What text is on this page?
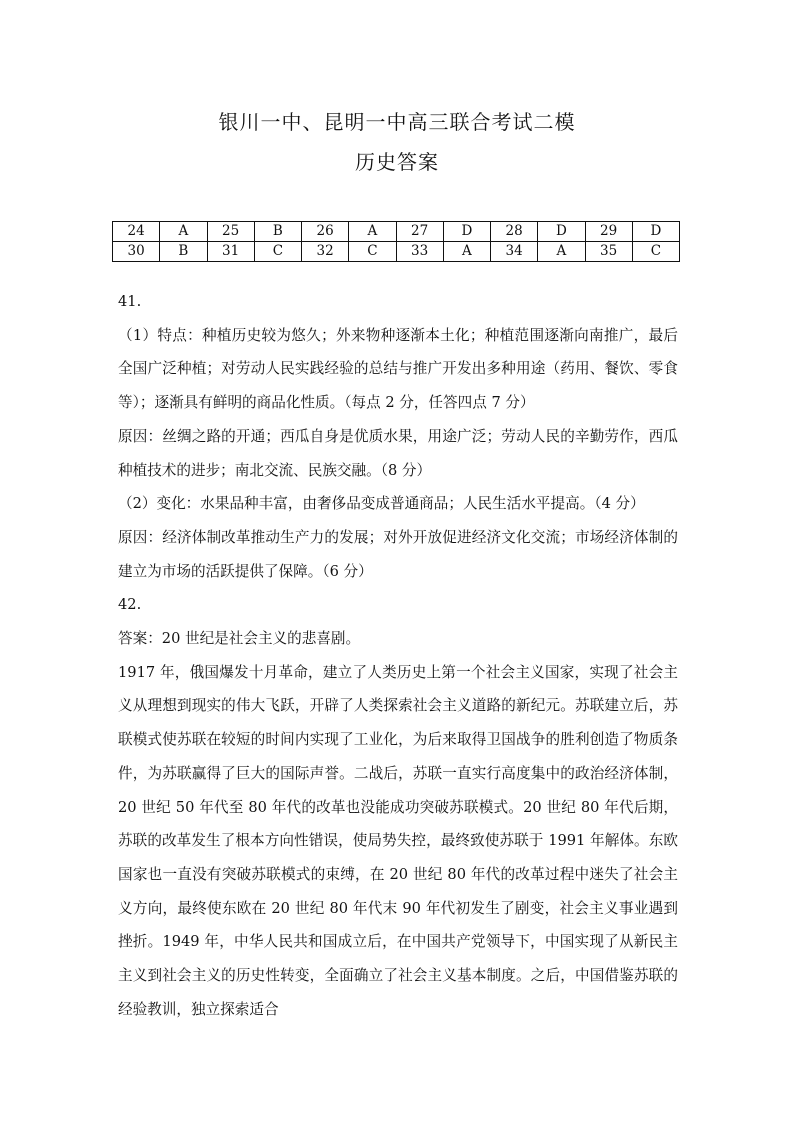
银川一中、昆明一中高三联合考试二模
历史答案
24	A	25	B	26	A	27	D	28	D	29	D
30	B	31	C	32	C	33	A	34	A	35	C

41.

（1）特点：种植历史较为悠久；外来物种逐渐本土化；种植范围逐渐向南推广，最后全国广泛种植；对劳动人民实践经验的总结与推广开发出多种用途（药用、餐饮、零食等）；逐渐具有鲜明的商品化性质。（每点 2 分，任答四点 7 分）

原因：丝绸之路的开通；西瓜自身是优质水果，用途广泛；劳动人民的辛勤劳作，西瓜种植技术的进步；南北交流、民族交融。（8 分）

（2）变化：水果品种丰富，由奢侈品变成普通商品；人民生活水平提高。（4 分）

原因：经济体制改革推动生产力的发展；对外开放促进经济文化交流；市场经济体制的建立为市场的活跃提供了保障。（6 分）

42.

答案：20 世纪是社会主义的悲喜剧。

1917 年，俄国爆发十月革命，建立了人类历史上第一个社会主义国家，实现了社会主义从理想到现实的伟大飞跃，开辟了人类探索社会主义道路的新纪元。苏联建立后，苏联模式使苏联在较短的时间内实现了工业化，为后来取得卫国战争的胜利创造了物质条件，为苏联赢得了巨大的国际声誉。二战后，苏联一直实行高度集中的政治经济体制，20 世纪 50 年代至 80 年代的改革也没能成功突破苏联模式。20 世纪 80 年代后期，苏联的改革发生了根本方向性错误，使局势失控，最终致使苏联于 1991 年解体。东欧国家也一直没有突破苏联模式的束缚，在 20 世纪 80 年代的改革过程中迷失了社会主义方向，最终使东欧在 20 世纪 80 年代末 90 年代初发生了剧变，社会主义事业遇到挫折。1949 年，中华人民共和国成立后，在中国共产党领导下，中国实现了从新民主主义到社会主义的历史性转变，全面确立了社会主义基本制度。之后，中国借鉴苏联的经验教训，独立探索适合
